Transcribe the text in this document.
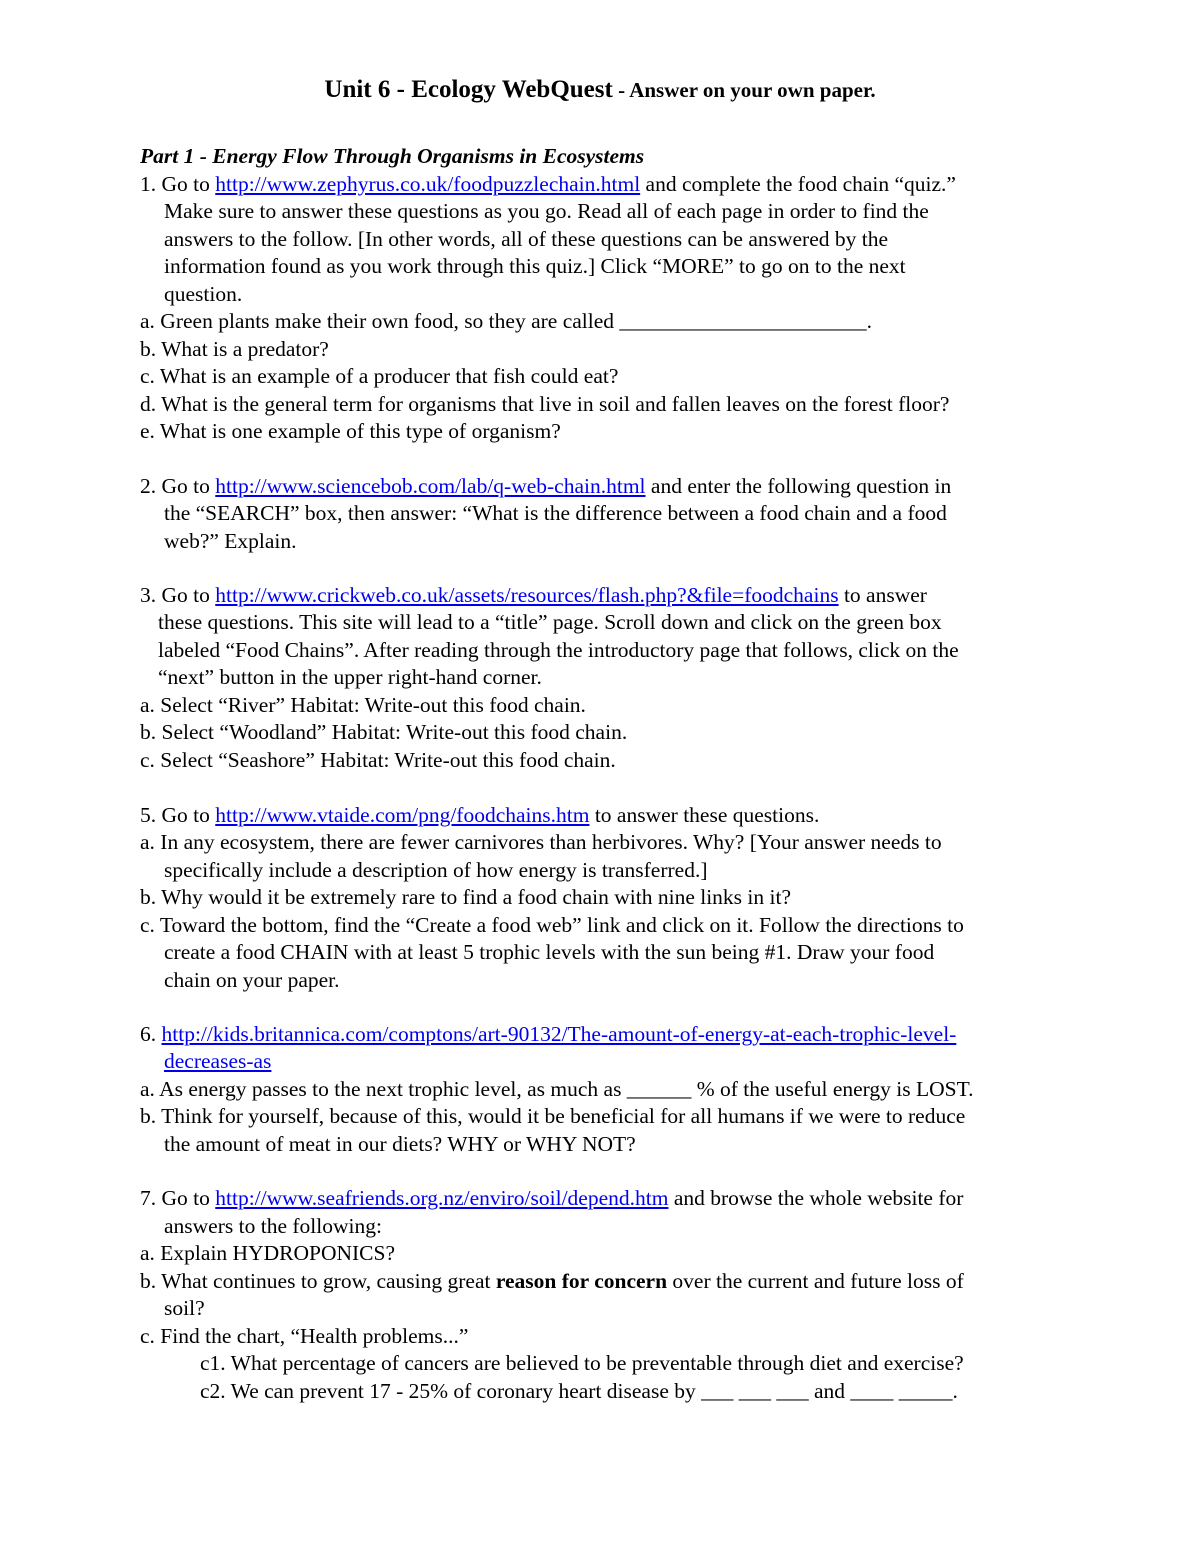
Unit 6 - Ecology WebQuest - Answer on your own paper.
Part 1 - Energy Flow Through Organisms in Ecosystems
1. Go to http://www.zephyrus.co.uk/foodpuzzlechain.html and complete the food chain “quiz.”
Make sure to answer these questions as you go. Read all of each page in order to find the
answers to the follow. [In other words, all of these questions can be answered by the
information found as you work through this quiz.] Click “MORE” to go on to the next
question.
a. Green plants make their own food, so they are called _______________________.
b. What is a predator?
c. What is an example of a producer that fish could eat?
d. What is the general term for organisms that live in soil and fallen leaves on the forest floor?
e. What is one example of this type of organism?
2. Go to http://www.sciencebob.com/lab/q-web-chain.html and enter the following question in
the “SEARCH” box, then answer: “What is the difference between a food chain and a food
web?” Explain.
3. Go to http://www.crickweb.co.uk/assets/resources/flash.php?&file=foodchains to answer
these questions. This site will lead to a “title” page. Scroll down and click on the green box
labeled “Food Chains”. After reading through the introductory page that follows, click on the
“next” button in the upper right-hand corner.
a. Select “River” Habitat: Write-out this food chain.
b. Select “Woodland” Habitat: Write-out this food chain.
c. Select “Seashore” Habitat: Write-out this food chain.
5. Go to http://www.vtaide.com/png/foodchains.htm to answer these questions.
a. In any ecosystem, there are fewer carnivores than herbivores. Why? [Your answer needs to
specifically include a description of how energy is transferred.]
b. Why would it be extremely rare to find a food chain with nine links in it?
c. Toward the bottom, find the “Create a food web” link and click on it. Follow the directions to
create a food CHAIN with at least 5 trophic levels with the sun being #1. Draw your food
chain on your paper.
6. http://kids.britannica.com/comptons/art-90132/The-amount-of-energy-at-each-trophic-level-
decreases-as
a. As energy passes to the next trophic level, as much as ______ % of the useful energy is LOST.
b. Think for yourself, because of this, would it be beneficial for all humans if we were to reduce
the amount of meat in our diets? WHY or WHY NOT?
7. Go to http://www.seafriends.org.nz/enviro/soil/depend.htm and browse the whole website for
answers to the following:
a. Explain HYDROPONICS?
b. What continues to grow, causing great reason for concern over the current and future loss of
soil?
c. Find the chart, “Health problems...”
c1. What percentage of cancers are believed to be preventable through diet and exercise?
c2. We can prevent 17 - 25% of coronary heart disease by ___ ___ ___ and ____ _____.
